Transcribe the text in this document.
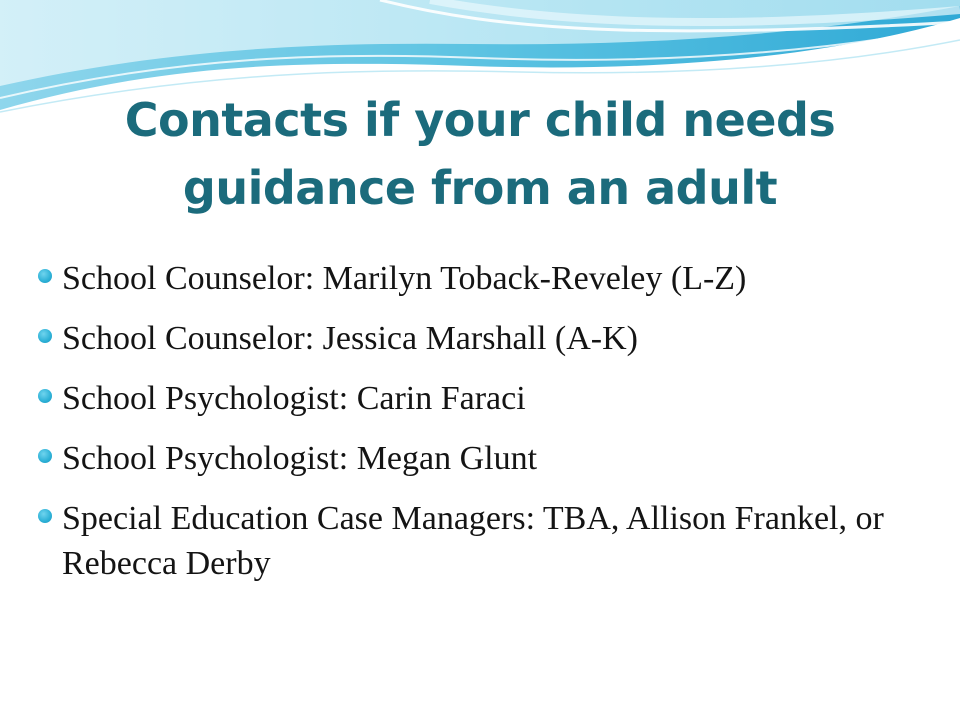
Contacts if your child needs guidance from an adult
School Counselor: Marilyn Toback-Reveley (L-Z)
School Counselor: Jessica Marshall (A-K)
School Psychologist: Carin Faraci
School Psychologist: Megan Glunt
Special Education Case Managers: TBA, Allison Frankel, or Rebecca Derby
